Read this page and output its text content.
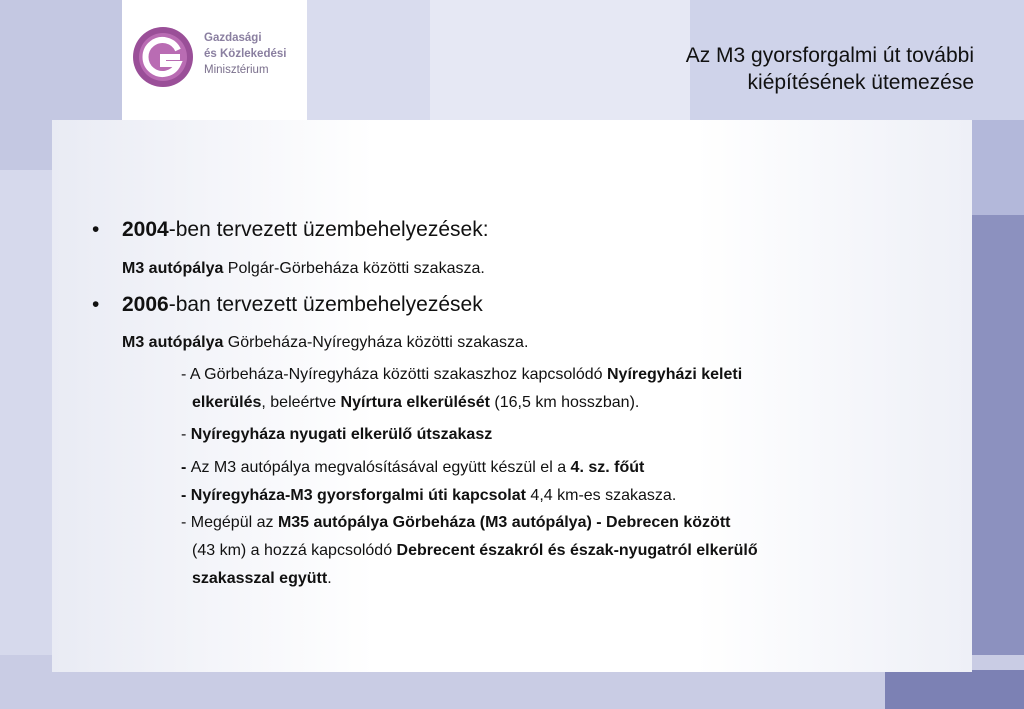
Gazdasági
és Közlekedési
Minisztérium
Az M3 gyorsforgalmi út további
kiépítésének ütemezése
• 2004-ben tervezett üzembehelyezések:
M3 autópálya Polgár-Görbeháza közötti szakasza.
• 2006-ban tervezett üzembehelyezések
M3 autópálya Görbeháza-Nyíregyháza közötti szakasza.
- A Görbeháza-Nyíregyháza közötti szakaszhoz kapcsolódó Nyíregyházi keleti
elkerülés, beleértve Nyírtura elkerülését (16,5 km hosszban).
- Nyíregyháza nyugati elkerülő útszakasz
- Az M3 autópálya megvalósításával együtt készül el a 4. sz. főút
- Nyíregyháza-M3 gyorsforgalmi úti kapcsolat 4,4 km-es szakasza.
- Megépül az M35 autópálya Görbeháza (M3 autópálya) - Debrecen között
(43 km) a hozzá kapcsolódó Debrecent északról és észak-nyugatról elkerülő
szakasszal együtt.
